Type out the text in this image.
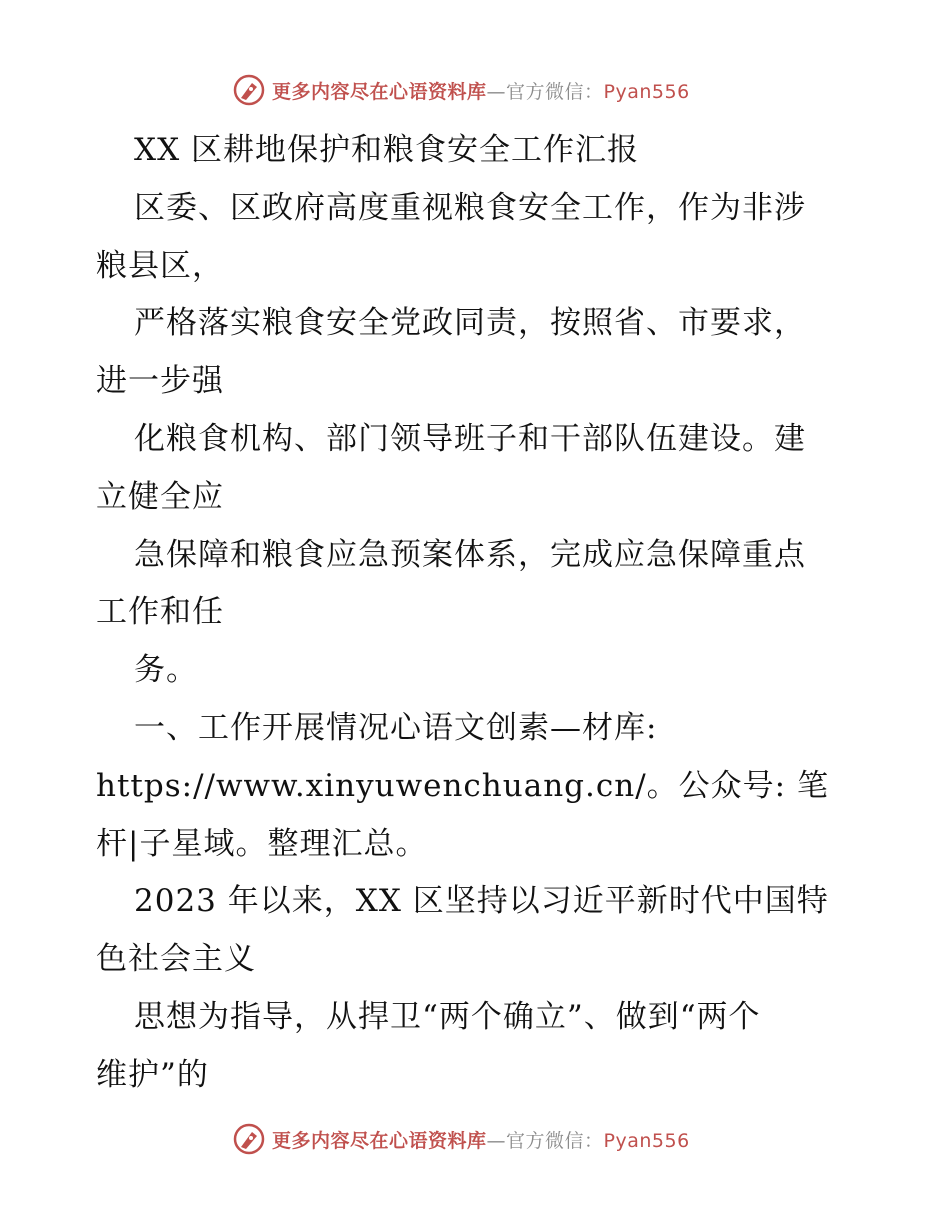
更多内容尽在心语资料库—官方微信：Pyan556
XX 区耕地保护和粮食安全工作汇报
区委、区政府高度重视粮食安全工作，作为非涉
粮县区，
严格落实粮食安全党政同责，按照省、市要求，
进一步强
化粮食机构、部门领导班子和干部队伍建设。建
立健全应
急保障和粮食应急预案体系，完成应急保障重点
工作和任
务。
一、工作开展情况心语文创素—材库:
https://www.xinyuwenchuang.cn/。公众号: 笔
杆|子星域。整理汇总。
2023 年以来，XX 区坚持以习近平新时代中国特
色社会主义
思想为指导，从捍卫“两个确立”、做到“两个
维护”的
更多内容尽在心语资料库—官方微信：Pyan556
